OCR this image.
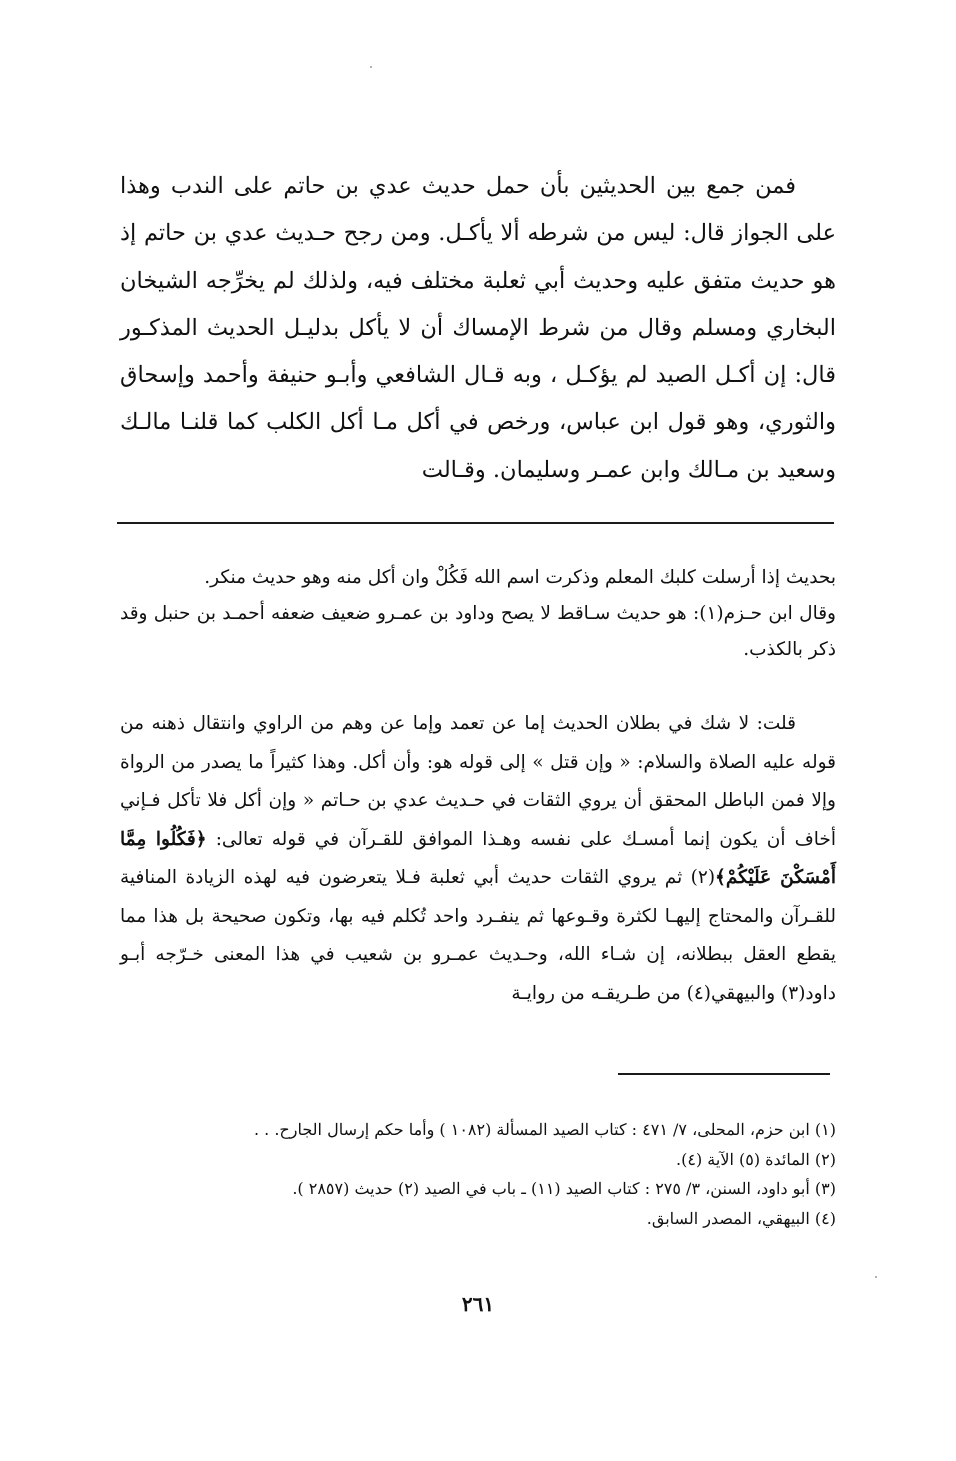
فمن جمع بين الحديثين بأن حمل حديث عدي بن حاتم على الندب وهذا على الجواز قال: ليس من شرطه ألا يأكـل. ومن رجح حـديث عدي بن حاتم إذ هو حديث متفق عليه وحديث أبي ثعلبة مختلف فيه، ولذلك لم يخرِّجه الشيخان البخاري ومسلم وقال من شرط الإمساك أن لا يأكل بدليـل الحديث المذكـور قال: إن أكـل الصيد لم يؤكـل ، وبه قـال الشافعي وأبـو حنيفة وأحمد وإسحاق والثوري، وهو قول ابن عباس، ورخص في أكل مـا أكل الكلب كما قلنـا مالـك وسعيد بن مـالك وابن عمـر وسليمان. وقـالت

بحديث إذا أرسلت كلبك المعلم وذكرت اسم الله فَكُلْ وان أكل منه وهو حديث منكر.

وقال ابن حـزم(١): هو حديث سـاقط لا يصح وداود بن عمـرو ضعيف ضعفه أحمـد بن حنبل وقد ذكر بالكذب.

قلت: لا شك في بطلان الحديث إما عن تعمد وإما عن وهم من الراوي وانتقال ذهنه من قوله عليه الصلاة والسلام: « وإن قتل » إلى قوله هو: وأن أكل. وهذا كثيراً ما يصدر من الرواة وإلا فمن الباطل المحقق أن يروي الثقات في حـديث عدي بن حـاتم « وإن أكل فلا تأكل فـإني أخاف أن يكون إنما أمسـك على نفسه وهـذا الموافق للقـرآن في قوله تعالى: ﴿فَكُلُوا مِمَّا أَمْسَكْنَ عَلَيْكُمْ﴾(٢) ثم يروي الثقات حديث أبي ثعلبة فـلا يتعرضون فيه لهذه الزيادة المنافية للقـرآن والمحتاج إليهـا لكثرة وقـوعها ثم ينفـرد واحد تُكلم فيه بها، وتكون صحيحة بل هذا مما يقطع العقل ببطلانه، إن شـاء الله، وحـديث عمـرو بن شعيب في هذا المعنى خـرّجه أبـو داود(٣) والبيهقي(٤) من طـريقـه من روايـة

(١) ابن حزم، المحلى، ٧/ ٤٧١ : كتاب الصيد المسألة (١٠٨٢ ) وأما حكم إرسال الجارح. . .
(٢) المائدة (٥) الآية (٤).
(٣) أبو داود، السنن، ٣/ ٢٧٥ : كتاب الصيد (١١) ـ باب في الصيد (٢) حديث (٢٨٥٧ ).
(٤) البيهقي، المصدر السابق.
٢٦١
